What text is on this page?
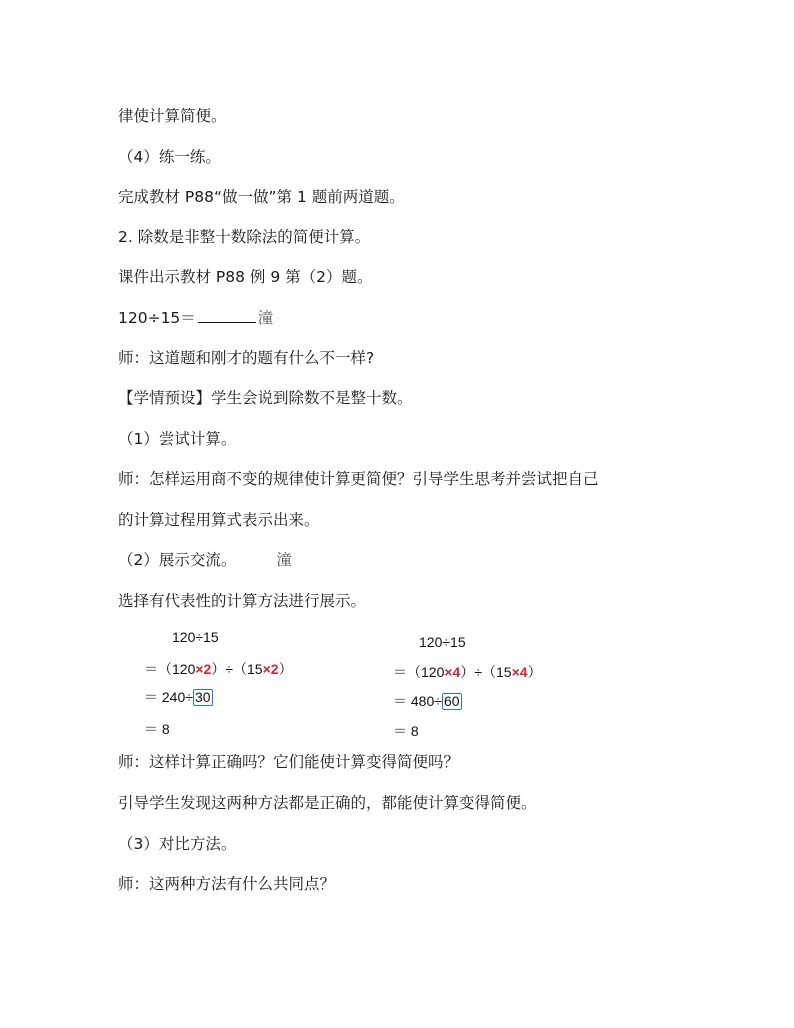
律使计算简便。
（4）练一练。
完成教材 P88“做一做”第 1 题前两道题。
2. 除数是非整十数除法的简便计算。
课件出示教材 P88 例 9 第（2）题。
120÷15＝	潼
师：这道题和刚才的题有什么不一样?
【学情预设】学生会说到除数不是整十数。
（1）尝试计算。
师：怎样运用商不变的规律使计算更简便？引导学生思考并尝试把自己
的计算过程用算式表示出来。
（2）展示交流。	潼
选择有代表性的计算方法进行展示。
120÷15
＝（120×2）÷（15×2）
＝ 240÷ 30
＝ 8
120÷15
＝（120×4）÷（15×4）
＝ 480÷ 60
＝ 8
师：这样计算正确吗？它们能使计算变得简便吗？
引导学生发现这两种方法都是正确的，都能使计算变得简便。
（3）对比方法。
师：这两种方法有什么共同点？
